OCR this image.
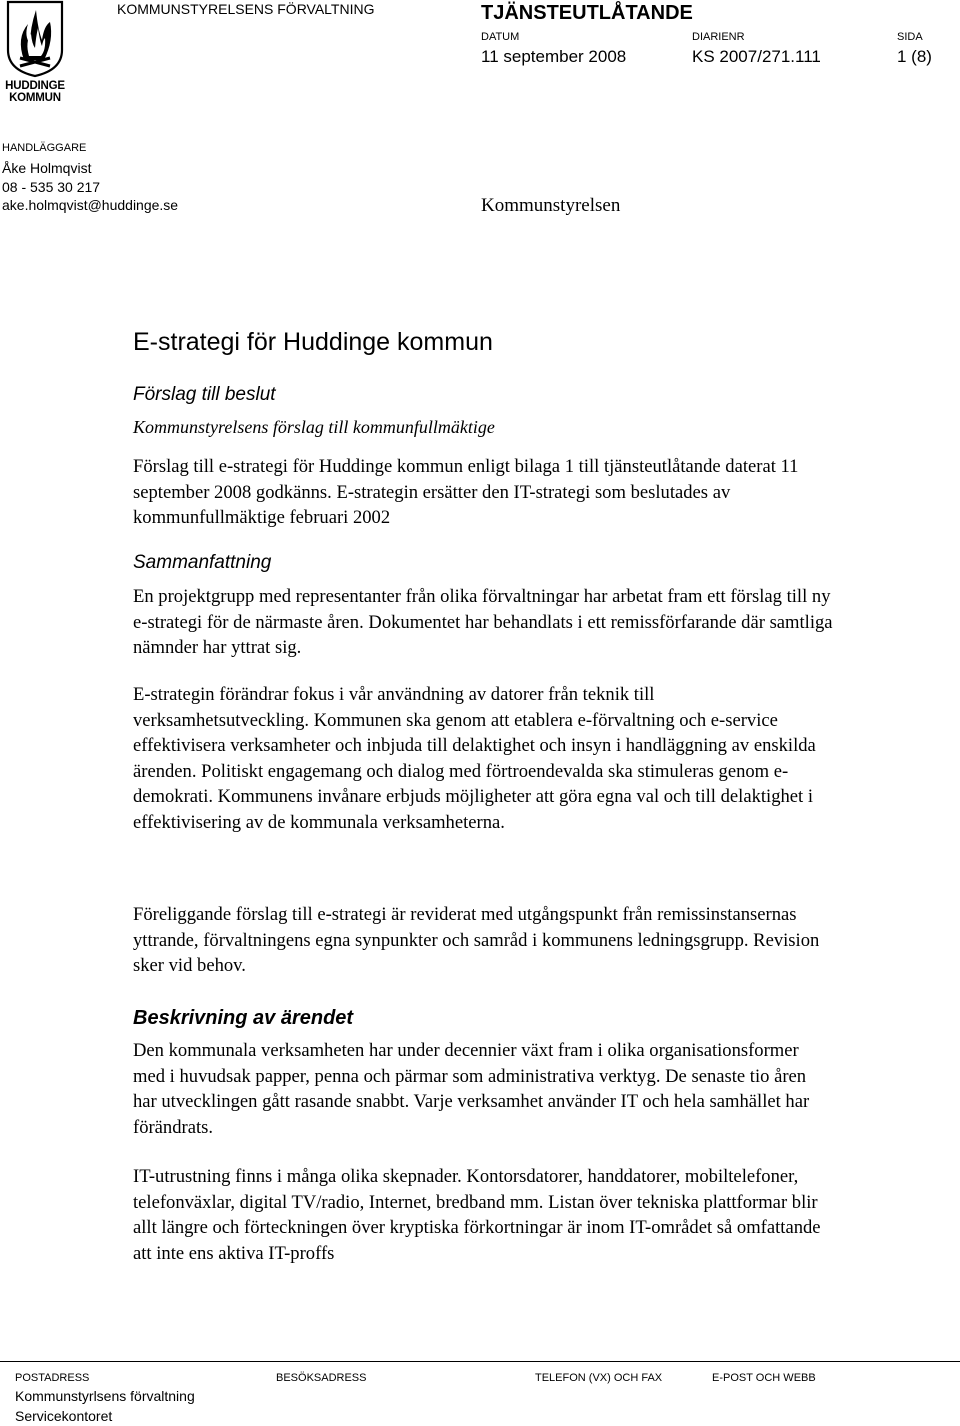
HUDDINGE
KOMMUN
KOMMUNSTYRELSENS FÖRVALTNING	TJÄNSTEUTLÅTANDE
DATUM
11 september 2008
DIARIENR
KS 2007/271.111
SIDA
1 (8)
HANDLÄGGARE
Åke Holmqvist
08 - 535 30 217
ake.holmqvist@huddinge.se	Kommunstyrelsen
E-strategi för Huddinge kommun
Förslag till beslut
Kommunstyrelsens förslag till kommunfullmäktige

Förslag till e-strategi för Huddinge kommun enligt bilaga 1 till tjänsteutlåtande daterat 11 september 2008 godkänns. E-strategin ersätter den IT-strategi som beslutades av kommunfullmäktige februari 2002

Sammanfattning

En projektgrupp med representanter från olika förvaltningar har arbetat fram ett förslag till ny e-strategi för de närmaste åren. Dokumentet har behandlats i ett remissförfarande där samtliga nämnder har yttrat sig.

E-strategin förändrar fokus i vår användning av datorer från teknik till verksamhetsutveckling. Kommunen ska genom att etablera e-förvaltning och e-service effektivisera verksamheter och inbjuda till delaktighet och insyn i handläggning av enskilda ärenden. Politiskt engagemang och dialog med förtroendevalda ska stimuleras genom e-demokrati. Kommunens invånare erbjuds möjligheter att göra egna val och till delaktighet i effektivisering av de kommunala verksamheterna.

Föreliggande förslag till e-strategi är reviderat med utgångspunkt från remissinstansernas yttrande, förvaltningens egna synpunkter och samråd i kommunens ledningsgrupp. Revision sker vid behov.

Beskrivning av ärendet

Den kommunala verksamheten har under decennier växt fram i olika organisationsformer med i huvudsak papper, penna och pärmar som administrativa verktyg. De senaste tio åren har utvecklingen gått rasande snabbt. Varje verksamhet använder IT och hela samhället har förändrats.

IT-utrustning finns i många olika skepnader. Kontorsdatorer, handdatorer, mobiltelefoner, telefonväxlar, digital TV/radio, Internet, bredband mm. Listan över tekniska plattformar blir allt längre och förteckningen över kryptiska förkortningar är inom IT-området så omfattande att inte ens aktiva IT-proffs

POSTADRESS	BESÖKSADRESS	TELEFON (VX) OCH FAX	E-POST OCH WEBB
Kommunstyrlsens förvaltning
Servicekontoret
